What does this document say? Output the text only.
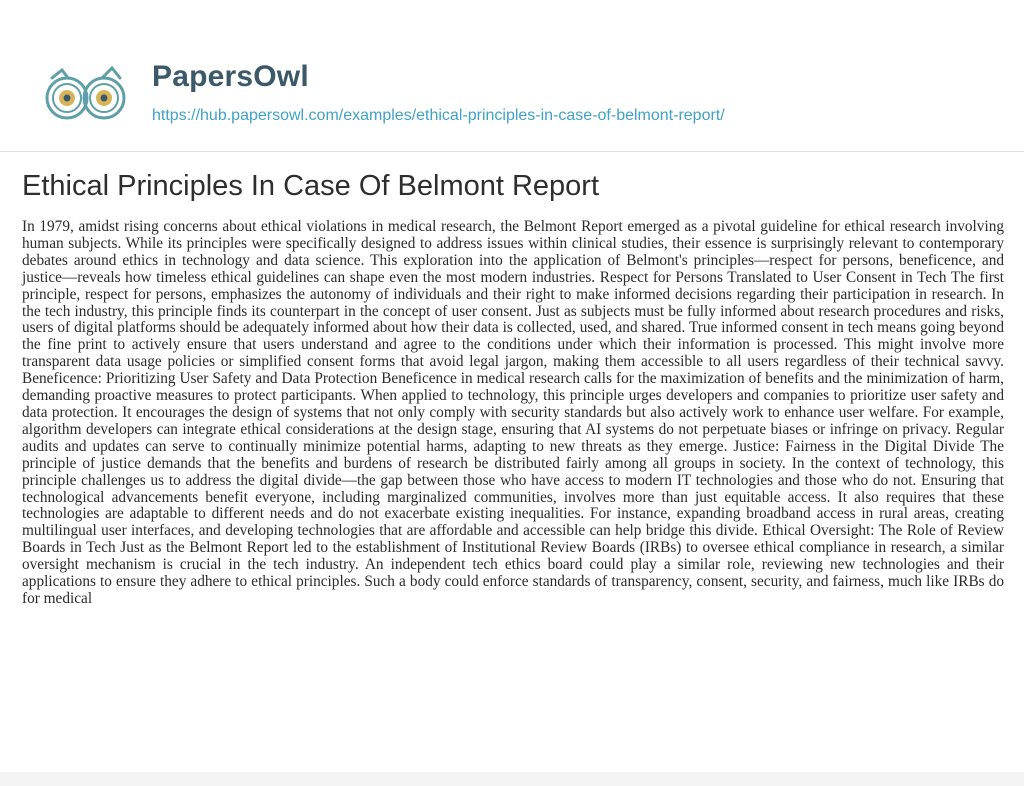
PapersOwl
https://hub.papersowl.com/examples/ethical-principles-in-case-of-belmont-report/
Ethical Principles In Case Of Belmont Report

In 1979, amidst rising concerns about ethical violations in medical research, the Belmont Report emerged as a pivotal guideline for ethical research involving human subjects. While its principles were specifically designed to address issues within clinical studies, their essence is surprisingly relevant to contemporary debates around ethics in technology and data science. This exploration into the application of Belmont's principles—respect for persons, beneficence, and justice—reveals how timeless ethical guidelines can shape even the most modern industries. Respect for Persons Translated to User Consent in Tech The first principle, respect for persons, emphasizes the autonomy of individuals and their right to make informed decisions regarding their participation in research. In the tech industry, this principle finds its counterpart in the concept of user consent. Just as subjects must be fully informed about research procedures and risks, users of digital platforms should be adequately informed about how their data is collected, used, and shared. True informed consent in tech means going beyond the fine print to actively ensure that users understand and agree to the conditions under which their information is processed. This might involve more transparent data usage policies or simplified consent forms that avoid legal jargon, making them accessible to all users regardless of their technical savvy. Beneficence: Prioritizing User Safety and Data Protection Beneficence in medical research calls for the maximization of benefits and the minimization of harm, demanding proactive measures to protect participants. When applied to technology, this principle urges developers and companies to prioritize user safety and data protection. It encourages the design of systems that not only comply with security standards but also actively work to enhance user welfare. For example, algorithm developers can integrate ethical considerations at the design stage, ensuring that AI systems do not perpetuate biases or infringe on privacy. Regular audits and updates can serve to continually minimize potential harms, adapting to new threats as they emerge. Justice: Fairness in the Digital Divide The principle of justice demands that the benefits and burdens of research be distributed fairly among all groups in society. In the context of technology, this principle challenges us to address the digital divide—the gap between those who have access to modern IT technologies and those who do not. Ensuring that technological advancements benefit everyone, including marginalized communities, involves more than just equitable access. It also requires that these technologies are adaptable to different needs and do not exacerbate existing inequalities. For instance, expanding broadband access in rural areas, creating multilingual user interfaces, and developing technologies that are affordable and accessible can help bridge this divide. Ethical Oversight: The Role of Review Boards in Tech Just as the Belmont Report led to the establishment of Institutional Review Boards (IRBs) to oversee ethical compliance in research, a similar oversight mechanism is crucial in the tech industry. An independent tech ethics board could play a similar role, reviewing new technologies and their applications to ensure they adhere to ethical principles. Such a body could enforce standards of transparency, consent, security, and fairness, much like IRBs do for medical
